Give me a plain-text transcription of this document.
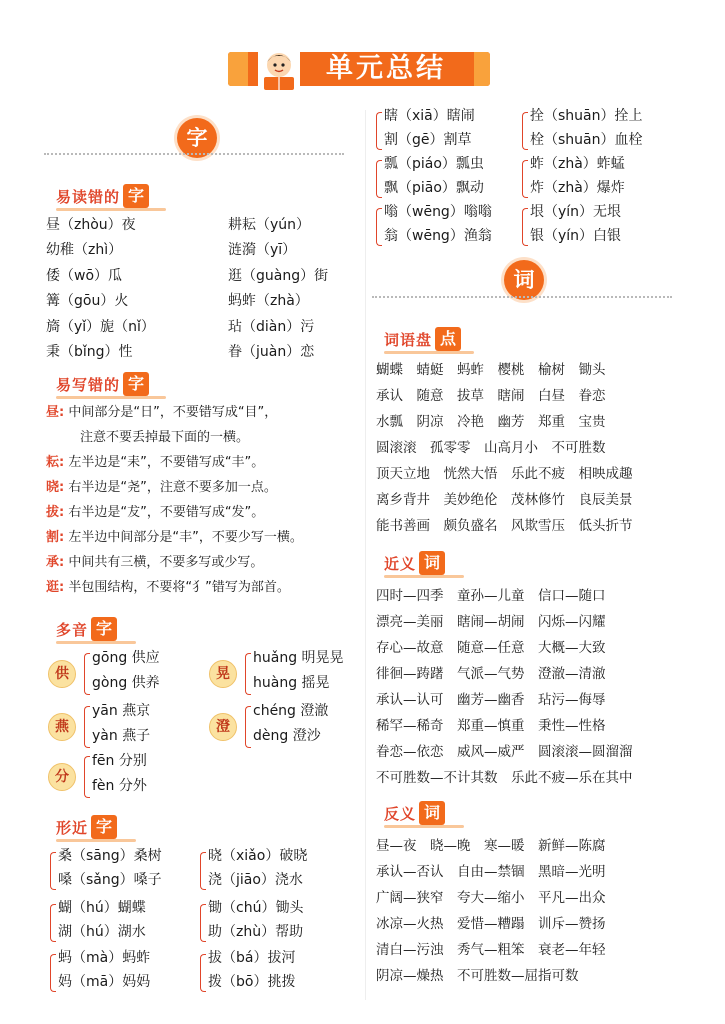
单元总结
字
易读错的 字
昼（zhòu）夜
幼稚（zhì）
倭（wō）瓜
篝（gōu）火
旖（yǐ）旎（nǐ）
秉（bǐng）性
耕耘（yún）
涟漪（yī）
逛（guàng）街
蚂蚱（zhà）
玷（diàn）污
眷（juàn）恋
易写错的 字
昼: 中间部分是“日”，不要错写成“目”，
注意不要丢掉最下面的一横。
耘: 左半边是“耒”，不要错写成“丰”。
晓: 右半边是“尧”，注意不要多加一点。
拔: 右半边是“犮”，不要错写成“发”。
割: 左半边中间部分是“丰”，不要少写一横。
承: 中间共有三横，不要多写或少写。
逛: 半包围结构，不要将“犭”错写为部首。
多音 字
供
gōng 供应
gòng 供养
晃
huǎng 明晃晃
huàng 摇晃
燕
yān 燕京
yàn 燕子
澄
chéng 澄澈
dèng 澄沙
分
fēn 分别
fèn 分外
形近 字
桑（sāng）桑树
嗓（sǎng）嗓子
晓（xiǎo）破晓
浇（jiāo）浇水
蝴（hú）蝴蝶
湖（hú）湖水
锄（chú）锄头
助（zhù）帮助
蚂（mà）蚂蚱
妈（mā）妈妈
拔（bá）拔河
拨（bō）挑拨
瞎（xiā）瞎闹
割（gē）割草
拴（shuān）拴上
栓（shuān）血栓
瓢（piáo）瓢虫
飘（piāo）飘动
蚱（zhà）蚱蜢
炸（zhà）爆炸
嗡（wēng）嗡嗡
翁（wēng）渔翁
垠（yín）无垠
银（yín）白银
词
词语盘 点
蝴蝶　蜻蜓　蚂蚱　樱桃　榆树　锄头
承认　随意　拔草　瞎闹　白昼　眷恋
水瓢　阴凉　冷艳　幽芳　郑重　宝贵
圆滚滚　孤零零　山高月小　不可胜数
顶天立地　恍然大悟　乐此不疲　相映成趣
离乡背井　美妙绝伦　茂林修竹　良辰美景
能书善画　颇负盛名　风欺雪压　低头折节
近义 词
四时—四季　童孙—儿童　信口—随口
漂亮—美丽　瞎闹—胡闹　闪烁—闪耀
存心—故意　随意—任意　大概—大致
徘徊—踌躇　气派—气势　澄澈—清澈
承认—认可　幽芳—幽香　玷污—侮辱
稀罕—稀奇　郑重—慎重　秉性—性格
眷恋—依恋　威风—威严　圆滚滚—圆溜溜
不可胜数—不计其数　乐此不疲—乐在其中
反义 词
昼—夜　晓—晚　寒—暖　新鲜—陈腐
承认—否认　自由—禁锢　黑暗—光明
广阔—狭窄　夸大—缩小　平凡—出众
冰凉—火热　爱惜—糟蹋　训斥—赞扬
清白—污浊　秀气—粗笨　衰老—年轻
阴凉—燥热　不可胜数—屈指可数
